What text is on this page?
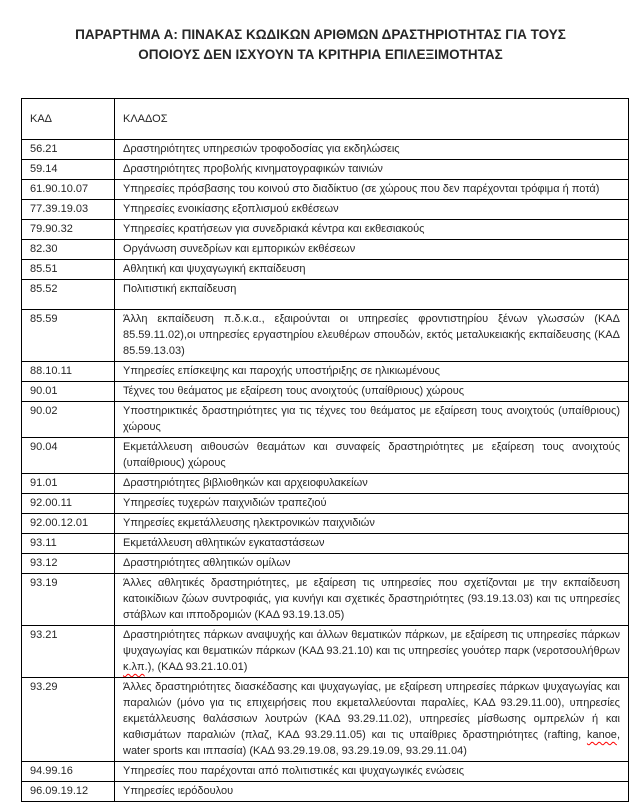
ΠΑΡΑΡΤΗΜΑ Α: ΠΙΝΑΚΑΣ ΚΩΔΙΚΩΝ ΑΡΙΘΜΩΝ ΔΡΑΣΤΗΡΙΟΤΗΤΑΣ ΓΙΑ ΤΟΥΣ
ΟΠΟΙΟΥΣ ΔΕΝ ΙΣΧΥΟΥΝ ΤΑ ΚΡΙΤΗΡΙΑ ΕΠΙΛΕΞΙΜΟΤΗΤΑΣ
ΚΑΔ	ΚΛΑΔΟΣ
56.21	Δραστηριότητες υπηρεσιών τροφοδοσίας για εκδηλώσεις
59.14	Δραστηριότητες προβολής κινηματογραφικών ταινιών
61.90.10.07	Υπηρεσίες πρόσβασης του κοινού στο διαδίκτυο (σε χώρους που δεν παρέχονται τρόφιμα ή ποτά)
77.39.19.03	Υπηρεσίες ενοικίασης εξοπλισμού εκθέσεων
79.90.32	Υπηρεσίες κρατήσεων για συνεδριακά κέντρα και εκθεσιακούς
82.30	Οργάνωση συνεδρίων και εμπορικών εκθέσεων
85.51	Αθλητική και ψυχαγωγική εκπαίδευση
85.52	Πολιτιστική εκπαίδευση
85.59	Άλλη εκπαίδευση π.δ.κ.α., εξαιρούνται οι υπηρεσίες φροντιστηρίου ξένων γλωσσών (ΚΑΔ 85.59.11.02),οι υπηρεσίες εργαστηρίου ελευθέρων σπουδών, εκτός μεταλυκειακής εκπαίδευσης (ΚΑΔ 85.59.13.03)
88.10.11	Υπηρεσίες επίσκεψης και παροχής υποστήριξης σε ηλικιωμένους
90.01	Τέχνες του θεάματος με εξαίρεση τους ανοιχτούς (υπαίθριους) χώρους
90.02	Υποστηρικτικές δραστηριότητες για τις τέχνες του θεάματος με εξαίρεση τους ανοιχτούς (υπαίθριους) χώρους
90.04	Εκμετάλλευση αιθουσών θεαμάτων και συναφείς δραστηριότητες με εξαίρεση τους ανοιχτούς (υπαίθριους) χώρους
91.01	Δραστηριότητες βιβλιοθηκών και αρχειοφυλακείων
92.00.11	Υπηρεσίες τυχερών παιχνιδιών τραπεζιού
92.00.12.01	Υπηρεσίες εκμετάλλευσης ηλεκτρονικών παιχνιδιών
93.11	Εκμετάλλευση αθλητικών εγκαταστάσεων
93.12	Δραστηριότητες αθλητικών ομίλων
93.19	Άλλες αθλητικές δραστηριότητες, με εξαίρεση τις υπηρεσίες που σχετίζονται με την εκπαίδευση κατοικίδιων ζώων συντροφιάς, για κυνήγι και σχετικές δραστηριότητες (93.19.13.03) και τις υπηρεσίες στάβλων και ιπποδρομιών (ΚΑΔ 93.19.13.05)
93.21	Δραστηριότητες πάρκων αναψυχής και άλλων θεματικών πάρκων, με εξαίρεση τις υπηρεσίες πάρκων ψυχαγωγίας και θεματικών πάρκων (ΚΑΔ 93.21.10) και τις υπηρεσίες γουότερ παρκ (νεροτσουλήθρων κ.λπ.), (ΚΑΔ 93.21.10.01)
93.29	Άλλες δραστηριότητες διασκέδασης και ψυχαγωγίας, με εξαίρεση υπηρεσίες πάρκων ψυχαγωγίας και παραλιών (μόνο για τις επιχειρήσεις που εκμεταλλεύονται παραλίες, ΚΑΔ 93.29.11.00), υπηρεσίες εκμετάλλευσης θαλάσσιων λουτρών (ΚΑΔ 93.29.11.02), υπηρεσίες μίσθωσης ομπρελών ή και καθισμάτων παραλιών (πλαζ, ΚΑΔ 93.29.11.05) και τις υπαίθριες δραστηριότητες (rafting, kanoe, water sports και ιππασία) (ΚΑΔ 93.29.19.08, 93.29.19.09, 93.29.11.04)
94.99.16	Υπηρεσίες που παρέχονται από πολιτιστικές και ψυχαγωγικές ενώσεις
96.09.19.12	Υπηρεσίες ιερόδουλου
